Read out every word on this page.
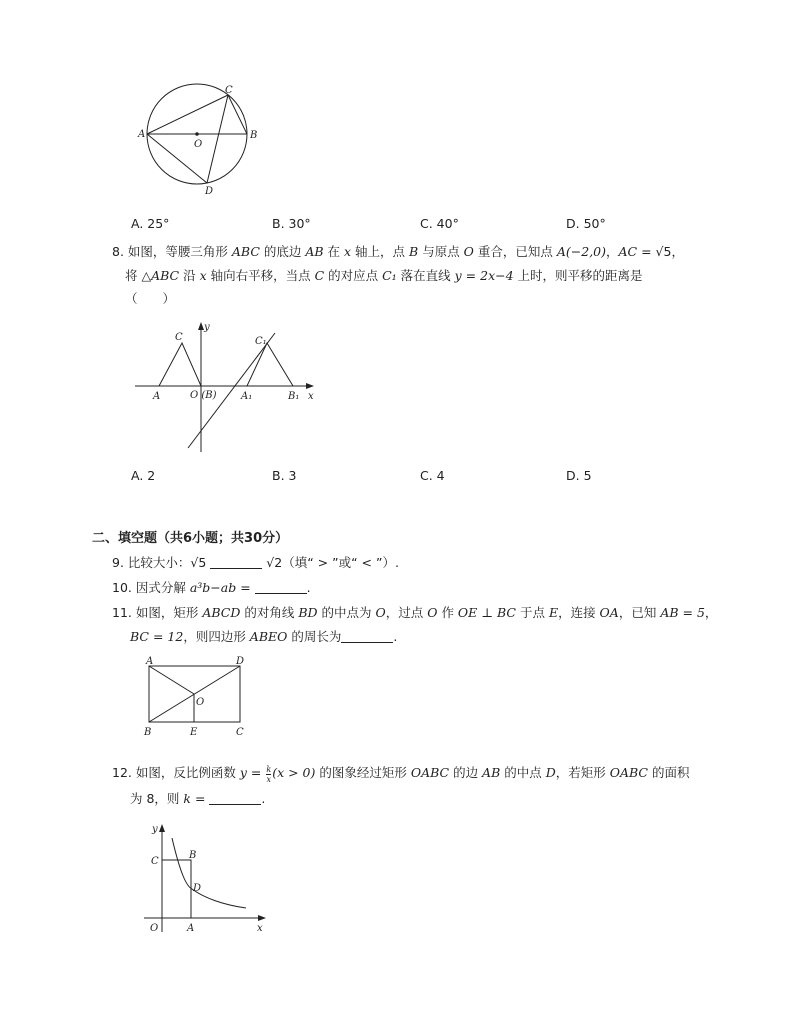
A	B
C
D
O
A. 25°	B. 30°	C. 40°	D. 50°
8. 如图，等腰三角形 ABC 的底边 AB 在 x 轴上，点 B 与原点 O 重合，已知点 A(−2,0)，AC = √5，
将 △ABC 沿 x 轴向右平移，当点 C 的对应点 C₁ 落在直线 y = 2x−4 上时，则平移的距离是
（　　）
y
C	C₁
A	O (B) A₁	B₁ x
A. 2	B. 3	C. 4	D. 5
二、填空题（共6小题；共30分）
9. 比较大小：√5	√2（填“ > ”或“ < ”）.
10. 因式分解 a³b−ab =	.
11. 如图，矩形 ABCD 的对角线 BD 的中点为 O，过点 O 作 OE ⊥ BC 于点 E，连接 OA，已知 AB = 5，
BC = 12，则四边形 ABEO 的周长为	.
A	D
O
B	E	C
12. 如图，反比例函数 $y = \frac{k}{x} (x > 0)$ 的图象经过矩形 OABC 的边 AB 的中点 D，若矩形 OABC 的面积
为 8，则 k =	.
y
C
B
D
O	A	x
